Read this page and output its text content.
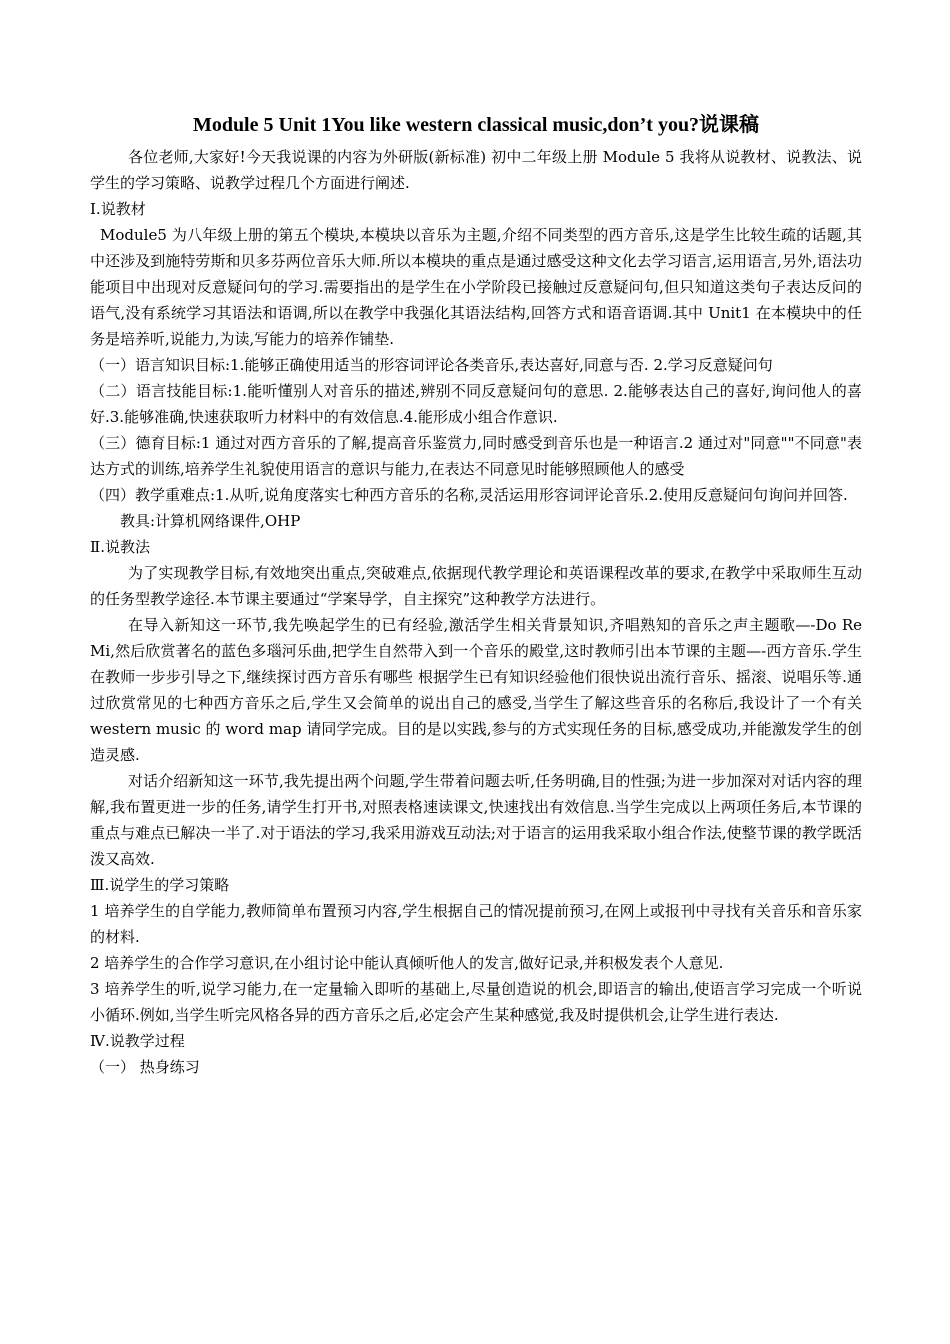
Module 5 Unit 1You like western classical music,don’t you?说课稿

各位老师,大家好!今天我说课的内容为外研版(新标准) 初中二年级上册 Module 5 我将从说教材、说教法、说学生的学习策略、说教学过程几个方面进行阐述.

Ⅰ.说教材

Module5 为八年级上册的第五个模块,本模块以音乐为主题,介绍不同类型的西方音乐,这是学生比较生疏的话题,其中还涉及到施特劳斯和贝多芬两位音乐大师.所以本模块的重点是通过感受这种文化去学习语言,运用语言,另外,语法功能项目中出现对反意疑问句的学习.需要指出的是学生在小学阶段已接触过反意疑问句,但只知道这类句子表达反问的语气,没有系统学习其语法和语调,所以在教学中我强化其语法结构,回答方式和语音语调.其中 Unit1 在本模块中的任务是培养听,说能力,为读,写能力的培养作铺垫.

（一）语言知识目标:1.能够正确使用适当的形容词评论各类音乐,表达喜好,同意与否. 2.学习反意疑问句

（二）语言技能目标:1.能听懂别人对音乐的描述,辨别不同反意疑问句的意思. 2.能够表达自己的喜好,询问他人的喜好.3.能够准确,快速获取听力材料中的有效信息.4.能形成小组合作意识.

（三）德育目标:1 通过对西方音乐的了解,提高音乐鉴赏力,同时感受到音乐也是一种语言.2 通过对"同意""不同意"表达方式的训练,培养学生礼貌使用语言的意识与能力,在表达不同意见时能够照顾他人的感受

（四）教学重难点:1.从听,说角度落实七种西方音乐的名称,灵活运用形容词评论音乐.2.使用反意疑问句询问并回答.

教具:计算机网络课件,OHP

Ⅱ.说教法

为了实现教学目标,有效地突出重点,突破难点,依据现代教学理论和英语课程改革的要求,在教学中采取师生互动的任务型教学途径.本节课主要通过“学案导学，自主探究”这种教学方法进行。

在导入新知这一环节,我先唤起学生的已有经验,激活学生相关背景知识,齐唱熟知的音乐之声主题歌—-Do Re Mi,然后欣赏著名的蓝色多瑙河乐曲,把学生自然带入到一个音乐的殿堂,这时教师引出本节课的主题—-西方音乐.学生在教师一步步引导之下,继续探讨西方音乐有哪些 根据学生已有知识经验他们很快说出流行音乐、摇滚、说唱乐等.通过欣赏常见的七种西方音乐之后,学生又会简单的说出自己的感受,当学生了解这些音乐的名称后,我设计了一个有关 western music 的 word map 请同学完成。目的是以实践,参与的方式实现任务的目标,感受成功,并能激发学生的创造灵感.

对话介绍新知这一环节,我先提出两个问题,学生带着问题去听,任务明确,目的性强;为进一步加深对对话内容的理解,我布置更进一步的任务,请学生打开书,对照表格速读课文,快速找出有效信息.当学生完成以上两项任务后,本节课的重点与难点已解决一半了.对于语法的学习,我采用游戏互动法;对于语言的运用我采取小组合作法,使整节课的教学既活泼又高效.

Ⅲ.说学生的学习策略

1 培养学生的自学能力,教师简单布置预习内容,学生根据自己的情况提前预习,在网上或报刊中寻找有关音乐和音乐家的材料.

2 培养学生的合作学习意识,在小组讨论中能认真倾听他人的发言,做好记录,并积极发表个人意见.

3 培养学生的听,说学习能力,在一定量输入即听的基础上,尽量创造说的机会,即语言的输出,使语言学习完成一个听说小循环.例如,当学生听完风格各异的西方音乐之后,必定会产生某种感觉,我及时提供机会,让学生进行表达.

Ⅳ.说教学过程

（一） 热身练习
